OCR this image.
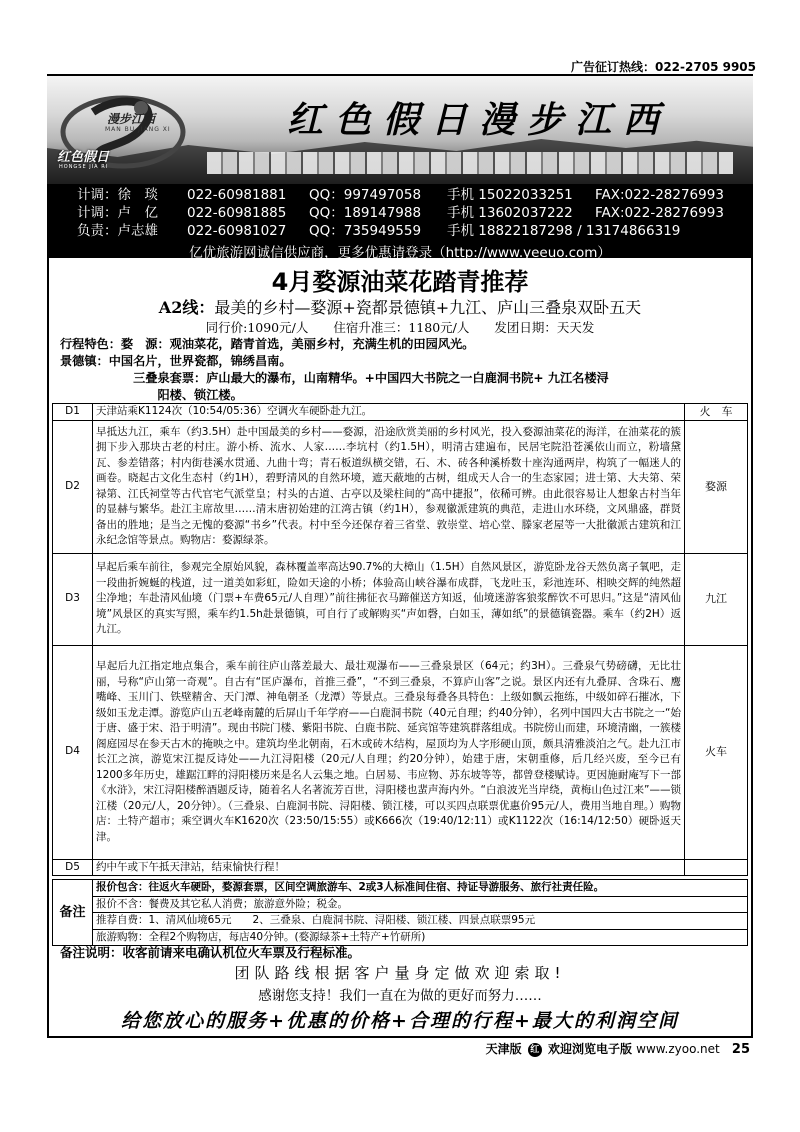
广告征订热线：022-2705 9905
漫步江西
MAN BU JIANG XI
红色假日
HONGSE JIA RI
红色假日漫步江西
计调：徐　琰 022-60981881 QQ：997497058 手机 15022033251 FAX:022-28276993
计调：卢　亿 022-60981885 QQ：189147988 手机 13602037222 FAX:022-28276993
负责：卢志雄 022-60981027 QQ：735949559 手机 18822187298 / 13174866319
亿优旅游网诚信供应商，更多优惠请登录（http://www.yeeuo.com）
4月婺源油菜花踏青推荐
A2线：最美的乡村—婺源+瓷都景德镇+九江、庐山三叠泉双卧五天
同行价:1090元/人　　住宿升准三：1180元/人　　发团日期：天天发
行程特色：婺　源：观油菜花，踏青首选，美丽乡村，充满生机的田园风光。
景德镇：中国名片，世界瓷都，锦绣昌南。
　　　　　　三叠泉套票：庐山最大的瀑布，山南精华。+中国四大书院之一白鹿洞书院+ 九江名楼浔
　　　　　　　　阳楼、锁江楼。
D1	天津站乘K1124次（10:54/05:36）空调火车硬卧赴九江。	火　车
D2	早抵达九江，乘车（约3.5H）赴中国最美的乡村——婺源，沿途欣赏美丽的乡村风光，投入婺源油菜花的海洋，在油菜花的簇拥下步入那块古老的村庄。游小桥、流水、人家……李坑村（约1.5H），明清古建遍布，民居宅院沿苍溪依山而立，粉墙黛瓦、参差错落；村内街巷溪水贯通、九曲十弯；青石板道纵横交错，石、木、砖各种溪桥数十座沟通两岸，构筑了一幅迷人的画卷。晓起古文化生态村（约1H），碧野清风的自然环境，遮天蔽地的古树，组成天人合一的生态家园；进士第、大夫第、荣禄第、江氏祠堂等古代官宅气派堂皇；村头的古道、古亭以及梁柱间的“高中捷报”，依稀可辨。由此很容易让人想象古村当年的显赫与繁华。赴江主席故里……清末唐初始建的江湾古镇（约1H），参观徽派建筑的典范，走进山水环绕，文风鼎盛，群贤备出的胜地；是当之无愧的婺源“书乡”代表。村中至今还保存着三省堂、敦崇堂、培心堂、滕家老屋等一大批徽派古建筑和江永纪念馆等景点。购物店：婺源绿茶。	婺源
D3	早起后乘车前往，参观完全原始风貌，森林覆盖率高达90.7%的大樟山（1.5H）自然风景区，游览卧龙谷天然负离子氧吧，走一段曲折婉蜒的栈道，过一道美如彩虹，险如天途的小桥；体验高山峡谷瀑布成群，飞龙吐玉，彩池连环、相映交辉的纯然超尘净地；车赴清风仙境（门票+车费65元/人自理）”前往拂征衣马蹄催送方知返，仙境迷游客狼浆醉饮不可思归。”这是“清风仙境”风景区的真实写照，乘车约1.5h赴景德镇，可自行了或解购买“声如磬，白如玉，薄如纸”的景德镇瓷器。乘车（约2H）返九江。	九江
D4	早起后九江指定地点集合，乘车前往庐山落差最大、最壮观瀑布——三叠泉景区（64元；约3H）。三叠泉气势磅礴，无比壮丽，号称“庐山第一奇观”。自古有“匡庐瀑布，首推三叠”，“不到三叠泉，不算庐山客”之说。景区内还有九叠屏、含珠石、鹰嘴峰、玉川门、铁壁精舍、天门潭、神龟朝圣（龙潭）等景点。三叠泉每叠各具特色：上级如飘云拖练，中级如碎石摧冰，下级如玉龙走潭。游览庐山五老峰南麓的后屏山千年学府——白鹿洞书院（40元自理；约40分钟），名列中国四大古书院之一“始于唐、盛于宋、沿于明清”。现由书院门楼、紫阳书院、白鹿书院、延宾馆等建筑群落组成。书院傍山而建，环境清幽，一簇楼阁庭园尽在参天古木的掩映之中。建筑均坐北朝南，石木或砖木结构，屋顶均为人字形硬山顶，颇具清雅淡泊之气。赴九江市长江之滨，游览宋江提反诗处——九江浔阳楼（20元/人自理；约20分钟），始建于唐，宋朝重修，后几经兴废，至今已有1200多年历史，雄踞江畔的浔阳楼历来是名人云集之地。白居易、韦应物、苏东坡等等，都曾登楼赋诗。更因施耐庵写下一部《水浒》，宋江浔阳楼醉酒题反诗，随着名人名著流芳百世，浔阳楼也蜚声海内外。“白浪波光当岸绕，黄梅山色过江来”——锁江楼（20元/人，20分钟）。（三叠泉、白鹿洞书院、浔阳楼、锁江楼，可以买四点联票优惠价95元/人，费用当地自理。）购物店：土特产超市；乘空调火车K1620次（23:50/15:55）或K666次（19:40/12:11）或K1122次（16:14/12:50）硬卧返天津。	火车
D5	约中午或下午抵天津站，结束愉快行程！	
备注	报价包含：往返火车硬卧，婺源套票，区间空调旅游车、2或3人标准间住宿、持证导游服务、旅行社责任险。
报价不含：餐费及其它私人消费；旅游意外险；税金。
推荐自费：1、清风仙境65元　　2、三叠泉、白鹿洞书院、浔阳楼、锁江楼、四景点联票95元
旅游购物：全程2个购物店，每店40分钟。(婺源绿茶+土特产+竹研所)
备注说明：收客前请来电确认机位火车票及行程标准。
团队路线根据客户量身定做欢迎索取!
感谢您支持！我们一直在为做的更好而努力……
给您放心的服务+优惠的价格+合理的行程+最大的利润空间
天津版 红 欢迎浏览电子版 www.zyoo.net 25
